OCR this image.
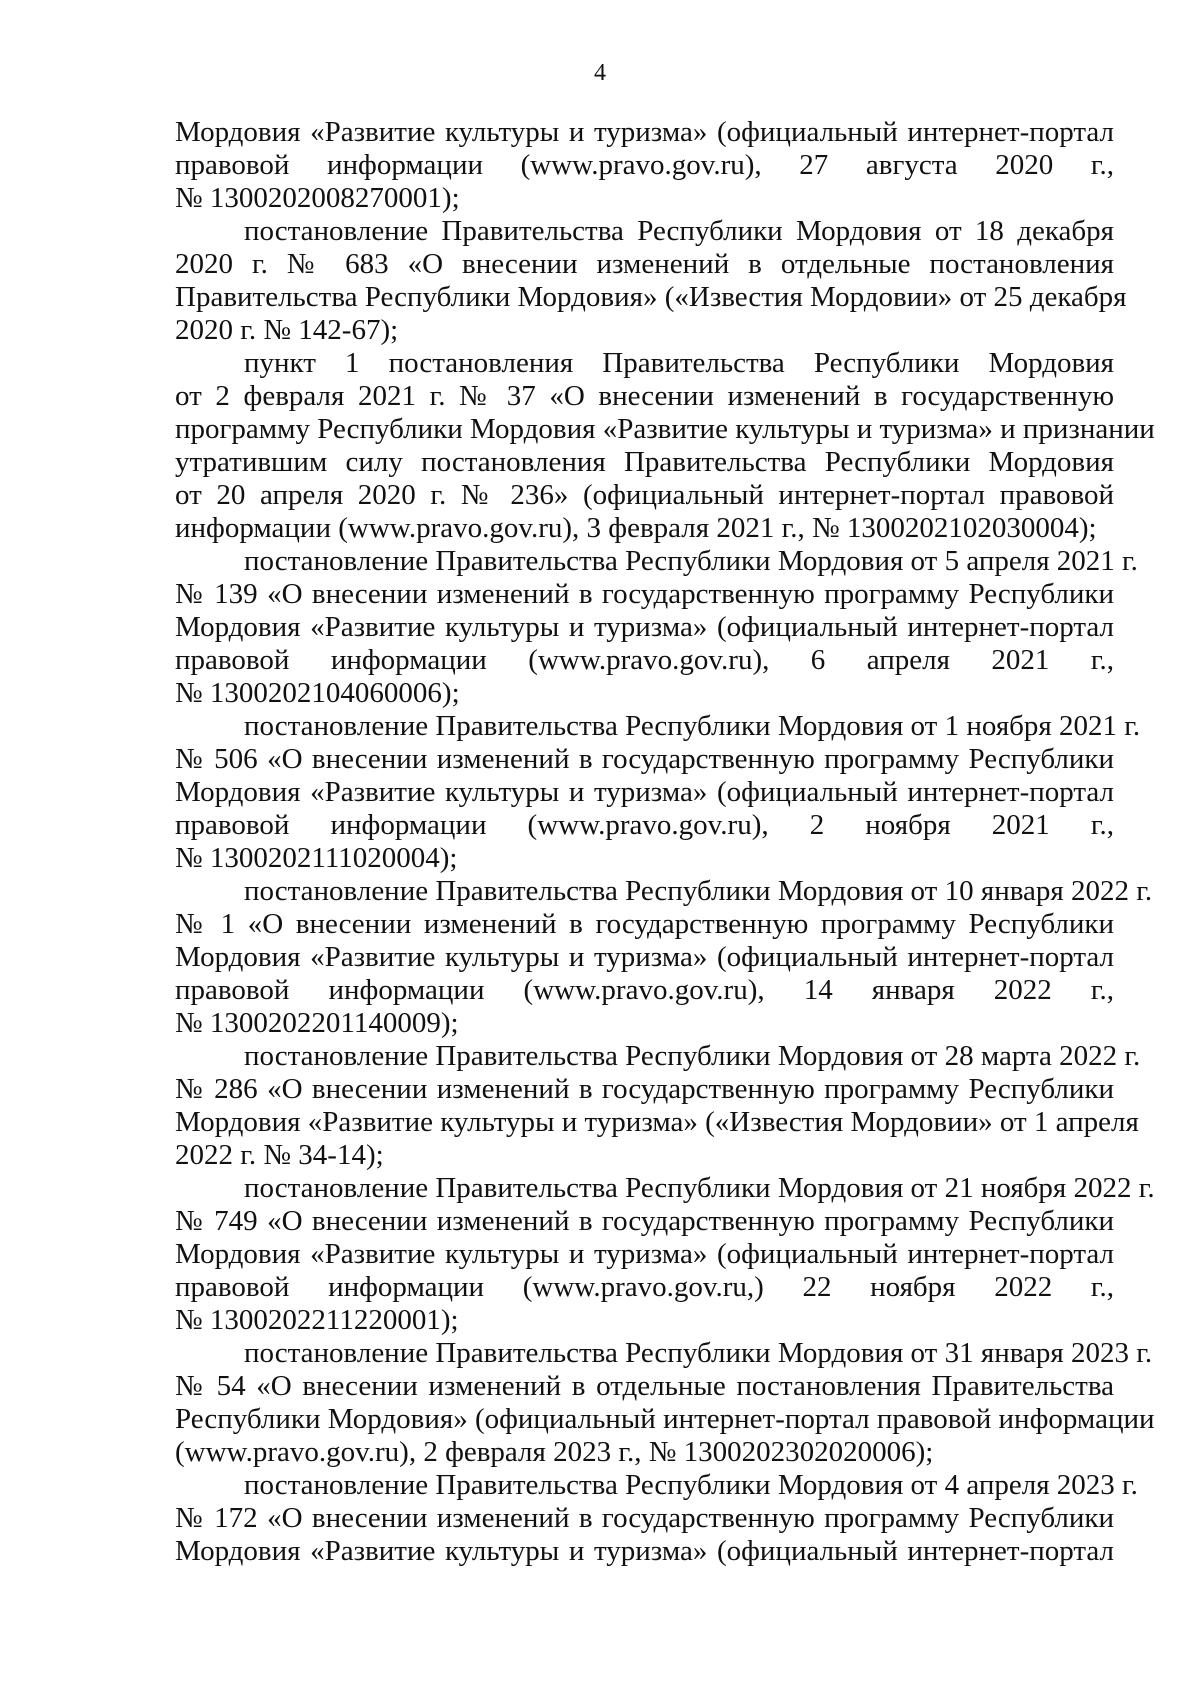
4
Мордовия «Развитие культуры и туризма» (официальный интернет-портал
правовой информации (www.pravo.gov.ru), 27 августа 2020 г.,
№ 1300202008270001);
постановление Правительства Республики Мордовия от 18 декабря
2020 г. № 683 «О внесении изменений в отдельные постановления
Правительства Республики Мордовия» («Известия Мордовии» от 25 декабря
2020 г. № 142-67);
пункт 1 постановления Правительства Республики Мордовия
от 2 февраля 2021 г. № 37 «О внесении изменений в государственную
программу Республики Мордовия «Развитие культуры и туризма» и признании
утратившим силу постановления Правительства Республики Мордовия
от 20 апреля 2020 г. № 236» (официальный интернет-портал правовой
информации (www.pravo.gov.ru), 3 февраля 2021 г., № 1300202102030004);
постановление Правительства Республики Мордовия от 5 апреля 2021 г.
№ 139 «О внесении изменений в государственную программу Республики
Мордовия «Развитие культуры и туризма» (официальный интернет-портал
правовой информации (www.pravo.gov.ru), 6 апреля 2021 г.,
№ 1300202104060006);
постановление Правительства Республики Мордовия от 1 ноября 2021 г.
№ 506 «О внесении изменений в государственную программу Республики
Мордовия «Развитие культуры и туризма» (официальный интернет-портал
правовой информации (www.pravo.gov.ru), 2 ноября 2021 г.,
№ 1300202111020004);
постановление Правительства Республики Мордовия от 10 января 2022 г.
№ 1 «О внесении изменений в государственную программу Республики
Мордовия «Развитие культуры и туризма» (официальный интернет-портал
правовой информации (www.pravo.gov.ru), 14 января 2022 г.,
№ 1300202201140009);
постановление Правительства Республики Мордовия от 28 марта 2022 г.
№ 286 «О внесении изменений в государственную программу Республики
Мордовия «Развитие культуры и туризма» («Известия Мордовии» от 1 апреля
2022 г. № 34-14);
постановление Правительства Республики Мордовия от 21 ноября 2022 г.
№ 749 «О внесении изменений в государственную программу Республики
Мордовия «Развитие культуры и туризма» (официальный интернет-портал
правовой информации (www.pravo.gov.ru,) 22 ноября 2022 г.,
№ 1300202211220001);
постановление Правительства Республики Мордовия от 31 января 2023 г.
№ 54 «О внесении изменений в отдельные постановления Правительства
Республики Мордовия» (официальный интернет-портал правовой информации
(www.pravo.gov.ru), 2 февраля 2023 г., № 1300202302020006);
постановление Правительства Республики Мордовия от 4 апреля 2023 г.
№ 172 «О внесении изменений в государственную программу Республики
Мордовия «Развитие культуры и туризма» (официальный интернет-портал
